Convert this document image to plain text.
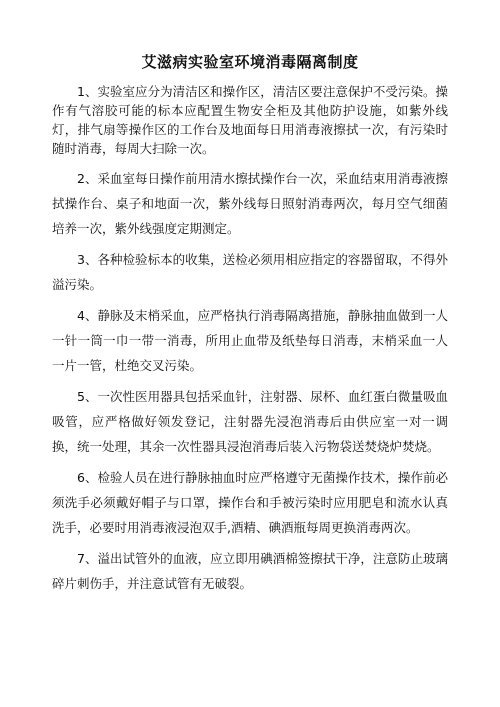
艾滋病实验室环境消毒隔离制度

1、实验室应分为清洁区和操作区，清洁区要注意保护不受污染。操作有气溶胶可能的标本应配置生物安全柜及其他防护设施，如紫外线灯，排气扇等操作区的工作台及地面每日用消毒液擦拭一次，有污染时随时消毒，每周大扫除一次。

2、采血室每日操作前用清水擦拭操作台一次，采血结束用消毒液擦拭操作台、桌子和地面一次，紫外线每日照射消毒两次，每月空气细菌培养一次，紫外线强度定期测定。

3、各种检验标本的收集，送检必须用相应指定的容器留取，不得外溢污染。

4、静脉及末梢采血，应严格执行消毒隔离措施，静脉抽血做到一人一针一筒一巾一带一消毒，所用止血带及纸垫每日消毒，末梢采血一人一片一管，杜绝交叉污染。

5、一次性医用器具包括采血针，注射器、尿杯、血红蛋白微量吸血吸管，应严格做好领发登记，注射器先浸泡消毒后由供应室一对一调换，统一处理，其余一次性器具浸泡消毒后装入污物袋送焚烧炉焚烧。

6、检验人员在进行静脉抽血时应严格遵守无菌操作技术，操作前必须洗手必须戴好帽子与口罩，操作台和手被污染时应用肥皂和流水认真洗手，必要时用消毒液浸泡双手,酒精、碘酒瓶每周更换消毒两次。

7、溢出试管外的血液，应立即用碘酒棉签擦拭干净，注意防止玻璃碎片刺伤手，并注意试管有无破裂。
